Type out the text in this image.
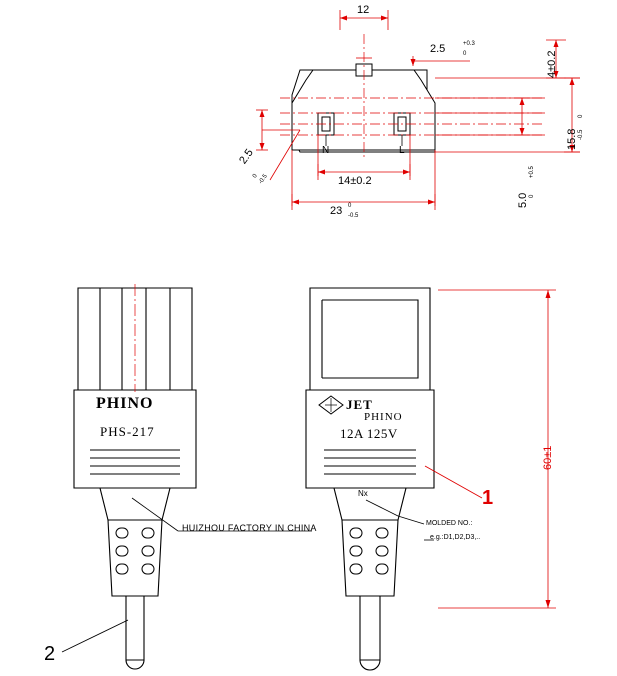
12
2.5	+0.3
0	4±0.2
15.8
0
-0.5
5.0
+0.5
0
14±0.2
23 0
-0.5
2.5
0 -0.5
N	L
PHINO
PHS-217
HUIZHOU FACTORY IN CHINA
2
JET
PHINO
12A 125V
Nx
MOLDED NO.:
e.g.:D1,D2,D3,..
1
60±1
